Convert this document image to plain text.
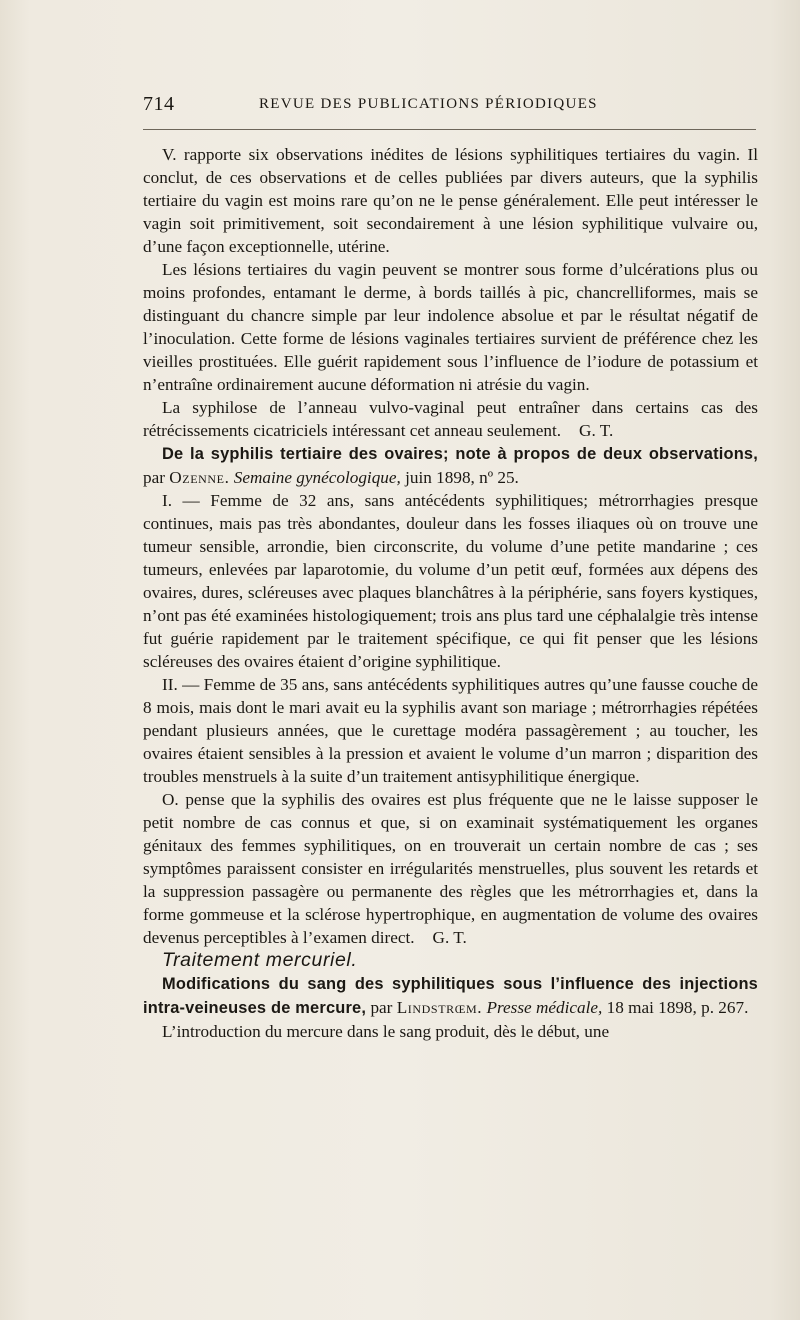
714	REVUE DES PUBLICATIONS PÉRIODIQUES

V. rapporte six observations inédites de lésions syphilitiques tertiaires du vagin. Il conclut, de ces observations et de celles publiées par divers auteurs, que la syphilis tertiaire du vagin est moins rare qu’on ne le pense généralement. Elle peut intéresser le vagin soit primitivement, soit secondairement à une lésion syphilitique vulvaire ou, d’une façon exceptionnelle, utérine.

Les lésions tertiaires du vagin peuvent se montrer sous forme d’ulcérations plus ou moins profondes, entamant le derme, à bords taillés à pic, chancrelliformes, mais se distinguant du chancre simple par leur indolence absolue et par le résultat négatif de l’inoculation. Cette forme de lésions vaginales tertiaires survient de préférence chez les vieilles prostituées. Elle guérit rapidement sous l’influence de l’iodure de potassium et n’entraîne ordinairement aucune déformation ni atrésie du vagin.

La syphilose de l’anneau vulvo-vaginal peut entraîner dans certains cas des rétrécissements cicatriciels intéressant cet anneau seulement. G. T.

De la syphilis tertiaire des ovaires; note à propos de deux observations, par Ozenne. Semaine gynécologique, juin 1898, nº 25.

I. — Femme de 32 ans, sans antécédents syphilitiques; métrorrhagies presque continues, mais pas très abondantes, douleur dans les fosses iliaques où on trouve une tumeur sensible, arrondie, bien circonscrite, du volume d’une petite mandarine ; ces tumeurs, enlevées par laparotomie, du volume d’un petit œuf, formées aux dépens des ovaires, dures, scléreuses avec plaques blanchâtres à la périphérie, sans foyers kystiques, n’ont pas été examinées histologiquement; trois ans plus tard une céphalalgie très intense fut guérie rapidement par le traitement spécifique, ce qui fit penser que les lésions scléreuses des ovaires étaient d’origine syphilitique.

II. — Femme de 35 ans, sans antécédents syphilitiques autres qu’une fausse couche de 8 mois, mais dont le mari avait eu la syphilis avant son mariage ; métrorrhagies répétées pendant plusieurs années, que le curettage modéra passagèrement ; au toucher, les ovaires étaient sensibles à la pression et avaient le volume d’un marron ; disparition des troubles menstruels à la suite d’un traitement antisyphilitique énergique.

O. pense que la syphilis des ovaires est plus fréquente que ne le laisse supposer le petit nombre de cas connus et que, si on examinait systématiquement les organes génitaux des femmes syphilitiques, on en trouverait un certain nombre de cas ; ses symptômes paraissent consister en irrégularités menstruelles, plus souvent les retards et la suppression passagère ou permanente des règles que les métrorrhagies et, dans la forme gommeuse et la sclérose hypertrophique, en augmentation de volume des ovaires devenus perceptibles à l’examen direct. G. T.

Traitement mercuriel.

Modifications du sang des syphilitiques sous l’influence des injections intra-veineuses de mercure, par Lindstrœm. Presse médicale, 18 mai 1898, p. 267.

L’introduction du mercure dans le sang produit, dès le début, une
